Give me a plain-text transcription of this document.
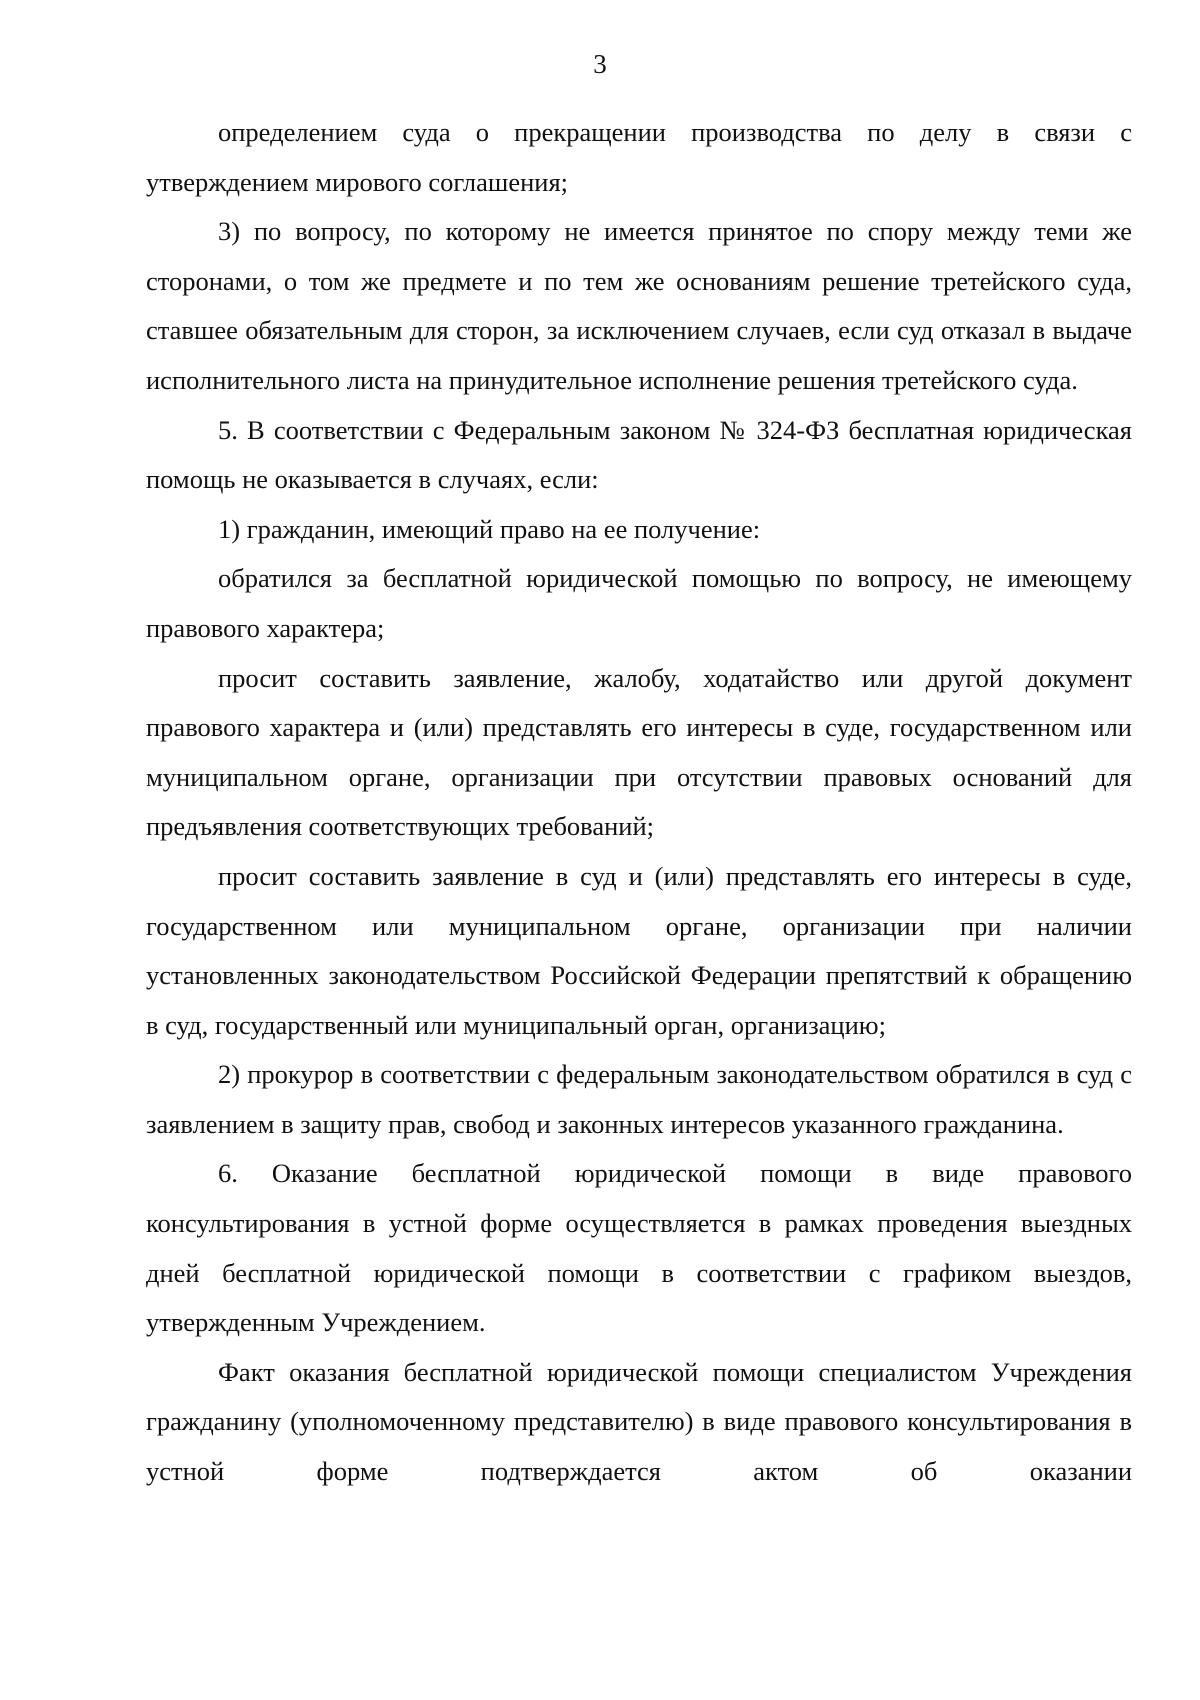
3

определением суда о прекращении производства по делу в связи с утверждением мирового соглашения;

3) по вопросу, по которому не имеется принятое по спору между теми же сторонами, о том же предмете и по тем же основаниям решение третейского суда, ставшее обязательным для сторон, за исключением случаев, если суд отказал в выдаче исполнительного листа на принудительное исполнение решения третейского суда.

5. В соответствии с Федеральным законом № 324-ФЗ бесплатная юридическая помощь не оказывается в случаях, если:

1) гражданин, имеющий право на ее получение:

обратился за бесплатной юридической помощью по вопросу, не имеющему правового характера;

просит составить заявление, жалобу, ходатайство или другой документ правового характера и (или) представлять его интересы в суде, государственном или муниципальном органе, организации при отсутствии правовых оснований для предъявления соответствующих требований;

просит составить заявление в суд и (или) представлять его интересы в суде, государственном или муниципальном органе, организации при наличии установленных законодательством Российской Федерации препятствий к обращению в суд, государственный или муниципальный орган, организацию;

2) прокурор в соответствии с федеральным законодательством обратился в суд с заявлением в защиту прав, свобод и законных интересов указанного гражданина.

6. Оказание бесплатной юридической помощи в виде правового консультирования в устной форме осуществляется в рамках проведения выездных дней бесплатной юридической помощи в соответствии с графиком выездов, утвержденным Учреждением.

Факт оказания бесплатной юридической помощи специалистом Учреждения гражданину (уполномоченному представителю) в виде правового консультирования в устной форме подтверждается актом об оказании
